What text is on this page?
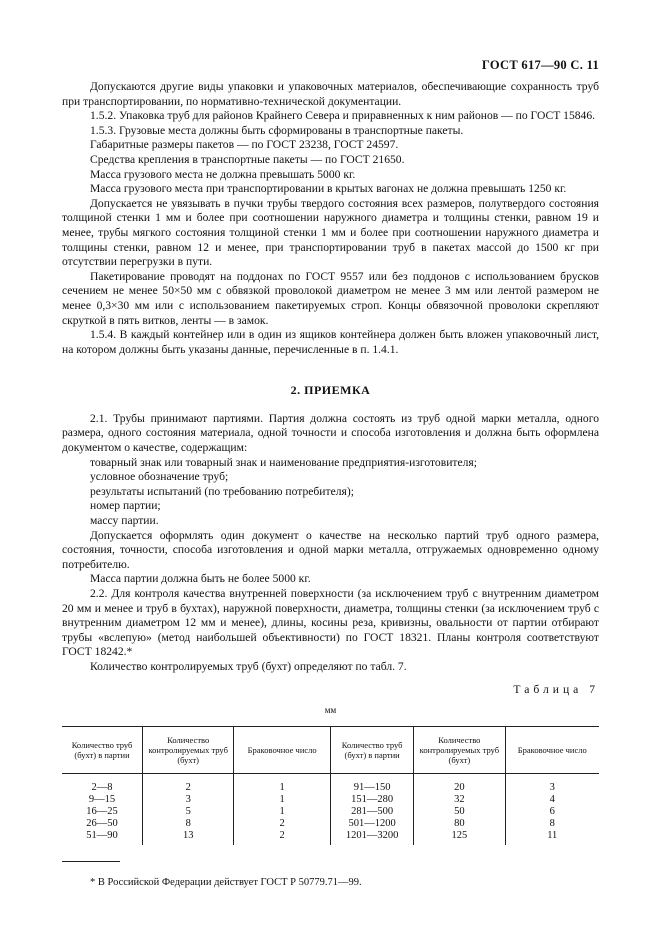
ГОСТ 617—90 С. 11

Допускаются другие виды упаковки и упаковочных материалов, обеспечивающие сохранность труб при транспортировании, по нормативно-технической документации.

1.5.2. Упаковка труб для районов Крайнего Севера и приравненных к ним районов — по ГОСТ 15846.

1.5.3. Грузовые места должны быть сформированы в транспортные пакеты.

Габаритные размеры пакетов — по ГОСТ 23238, ГОСТ 24597.

Средства крепления в транспортные пакеты — по ГОСТ 21650.

Масса грузового места не должна превышать 5000 кг.

Масса грузового места при транспортировании в крытых вагонах не должна превышать 1250 кг.

Допускается не увязывать в пучки трубы твердого состояния всех размеров, полутвердого состояния толщиной стенки 1 мм и более при соотношении наружного диаметра и толщины стенки, равном 19 и менее, трубы мягкого состояния толщиной стенки 1 мм и более при соотношении наружного диаметра и толщины стенки, равном 12 и менее, при транспортировании труб в пакетах массой до 1500 кг при отсутствии перегрузки в пути.

Пакетирование проводят на поддонах по ГОСТ 9557 или без поддонов с использованием брусков сечением не менее 50×50 мм с обвязкой проволокой диаметром не менее 3 мм или лентой размером не менее 0,3×30 мм или с использованием пакетируемых строп. Концы обвязочной проволоки скрепляют скруткой в пять витков, ленты — в замок.

1.5.4. В каждый контейнер или в один из ящиков контейнера должен быть вложен упаковочный лист, на котором должны быть указаны данные, перечисленные в п. 1.4.1.

2. ПРИЕМКА

2.1. Трубы принимают партиями. Партия должна состоять из труб одной марки металла, одного размера, одного состояния материала, одной точности и способа изготовления и должна быть оформлена документом о качестве, содержащим:

товарный знак или товарный знак и наименование предприятия-изготовителя;

условное обозначение труб;

результаты испытаний (по требованию потребителя);

номер партии;

массу партии.

Допускается оформлять один документ о качестве на несколько партий труб одного размера, состояния, точности, способа изготовления и одной марки металла, отгружаемых одновременно одному потребителю.

Масса партии должна быть не более 5000 кг.

2.2. Для контроля качества внутренней поверхности (за исключением труб с внутренним диаметром 20 мм и менее и труб в бухтах), наружной поверхности, диаметра, толщины стенки (за исключением труб с внутренним диаметром 12 мм и менее), длины, косины реза, кривизны, овальности от партии отбирают трубы «вслепую» (метод наибольшей объективности) по ГОСТ 18321. Планы контроля соответствуют ГОСТ 18242.*

Количество контролируемых труб (бухт) определяют по табл. 7.

Таблица 7
мм
Количество труб (бухт) в партии	Количество контролируемых труб (бухт)	Браковочное число	Количество труб (бухт) в партии	Количество контролируемых труб (бухт)	Браковочное число
2—8	2	1	91—150	20	3
9—15	3	1	151—280	32	4
16—25	5	1	281—500	50	6
26—50	8	2	501—1200	80	8
51—90	13	2	1201—3200	125	11
* В Российской Федерации действует ГОСТ Р 50779.71—99.
